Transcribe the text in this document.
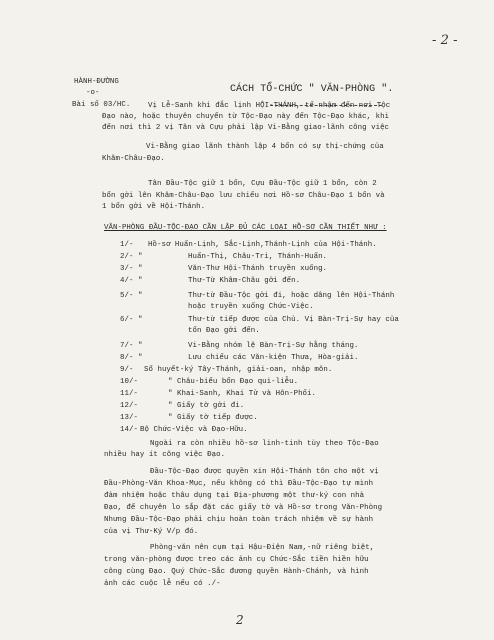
- 2 -
HÀNH-ĐƯỜNG
-o-
Bài số 03/HC.
CÁCH TỔ-CHỨC " VĂN-PHÒNG ".
Vị Lễ-Sanh khi đắc lịnh HỘI-THÁNH, tế nhậm đến nơi Tộc
Đạo nào, hoặc thuyên chuyển từ Tộc-Đạo này đến Tộc-Đạo khác, khi
đến nơi thì 2 vị Tân và Cựu phải lập Vi-Bằng giao-lãnh công việc
Vi-Bằng giao lãnh thành lập 4 bổn có sự thị-chứng của
Khâm-Châu-Đạo.
Tân Đầu-Tộc giữ 1 bổn, Cựu Đầu-Tộc giữ 1 bổn, còn 2
bổn gởi lên Khâm-Châu-Đạo lưu chiếu nơi Hồ-sơ Châu-Đạo 1 bổn và
1 bổn gởi về Hội-Thánh.
VĂN-PHÒNG ĐẦU-TỘC-ĐẠO CẦN LẬP ĐỦ CÁC LOẠI HỒ-SƠ CẦN THIẾT NHƯ :
1/- Hồ-sơ Huấn-Lịnh, Sắc-Lịnh,Thánh-Lịnh của Hội-Thánh.
2/- "	Huấn-Thị, Châu-Tri, Thánh-Huấn.
3/- "	Văn-Thư Hội-Thánh truyền xuống.
4/- "	Thư-Từ Khâm-Châu gởi đến.
5/- "	Thư-từ Đầu-Tộc gởi đi, hoặc dâng lên Hội-Thánh
hoặc truyền xuống Chức-Việc.
6/- "	Thư-từ tiếp được của Chủ. Vị Bàn-Trị-Sự hay của
tổn Đạo gởi đến.
7/- "	Vi-Bằng nhóm lệ Bàn-Trị-Sự hằng tháng.
8/- "	Lưu chiếu các Văn-kiện Thưa, Hòa-giải.
9/- Sổ huyết-ký Tây-Thánh, giải-oan, nhập môn.
10/-	" Châu-biểu bổn Đạo qui-liễu.
11/-	" Khai-Sanh, Khai Tử và Hôn-Phối.
12/-	" Giấy tờ gởi đi.
13/-	" Giấy tờ tiếp được.
14/- Bộ Chức-Việc và Đạo-Hữu.
Ngoài ra còn nhiều hồ-sơ linh-tinh tùy theo Tộc-Đạo
nhiều hay ít công việc Đạo.
Đầu-Tộc-Đạo được quyền xin Hội-Thánh tôn cho một vị
Đầu-Phòng-Văn Khoa-Mục, nếu không có thì Đầu-Tộc-Đạo tự mình
đảm nhiệm hoặc thâu dụng tại Địa-phương một thư-ký con nhà
Đạo, để chuyên lo sắp đặt các giấy tờ và Hồ-sơ trong Văn-Phòng
Nhưng Đầu-Tộc-Đạo phải chịu hoàn toàn trách nhiệm về sự hành
của vị Thư-Ký V/p đó.
Phòng-văn nên cụm tại Hậu-Điện Nam,-nữ riêng biệt,
trong văn-phòng được treo các ảnh cụ Chức-Sắc tiền hiền hữu
công cùng Đạo. Quý Chức-Sắc đương quyền Hành-Chánh, và hình
ảnh các cuộc lễ nếu có ./-
2
